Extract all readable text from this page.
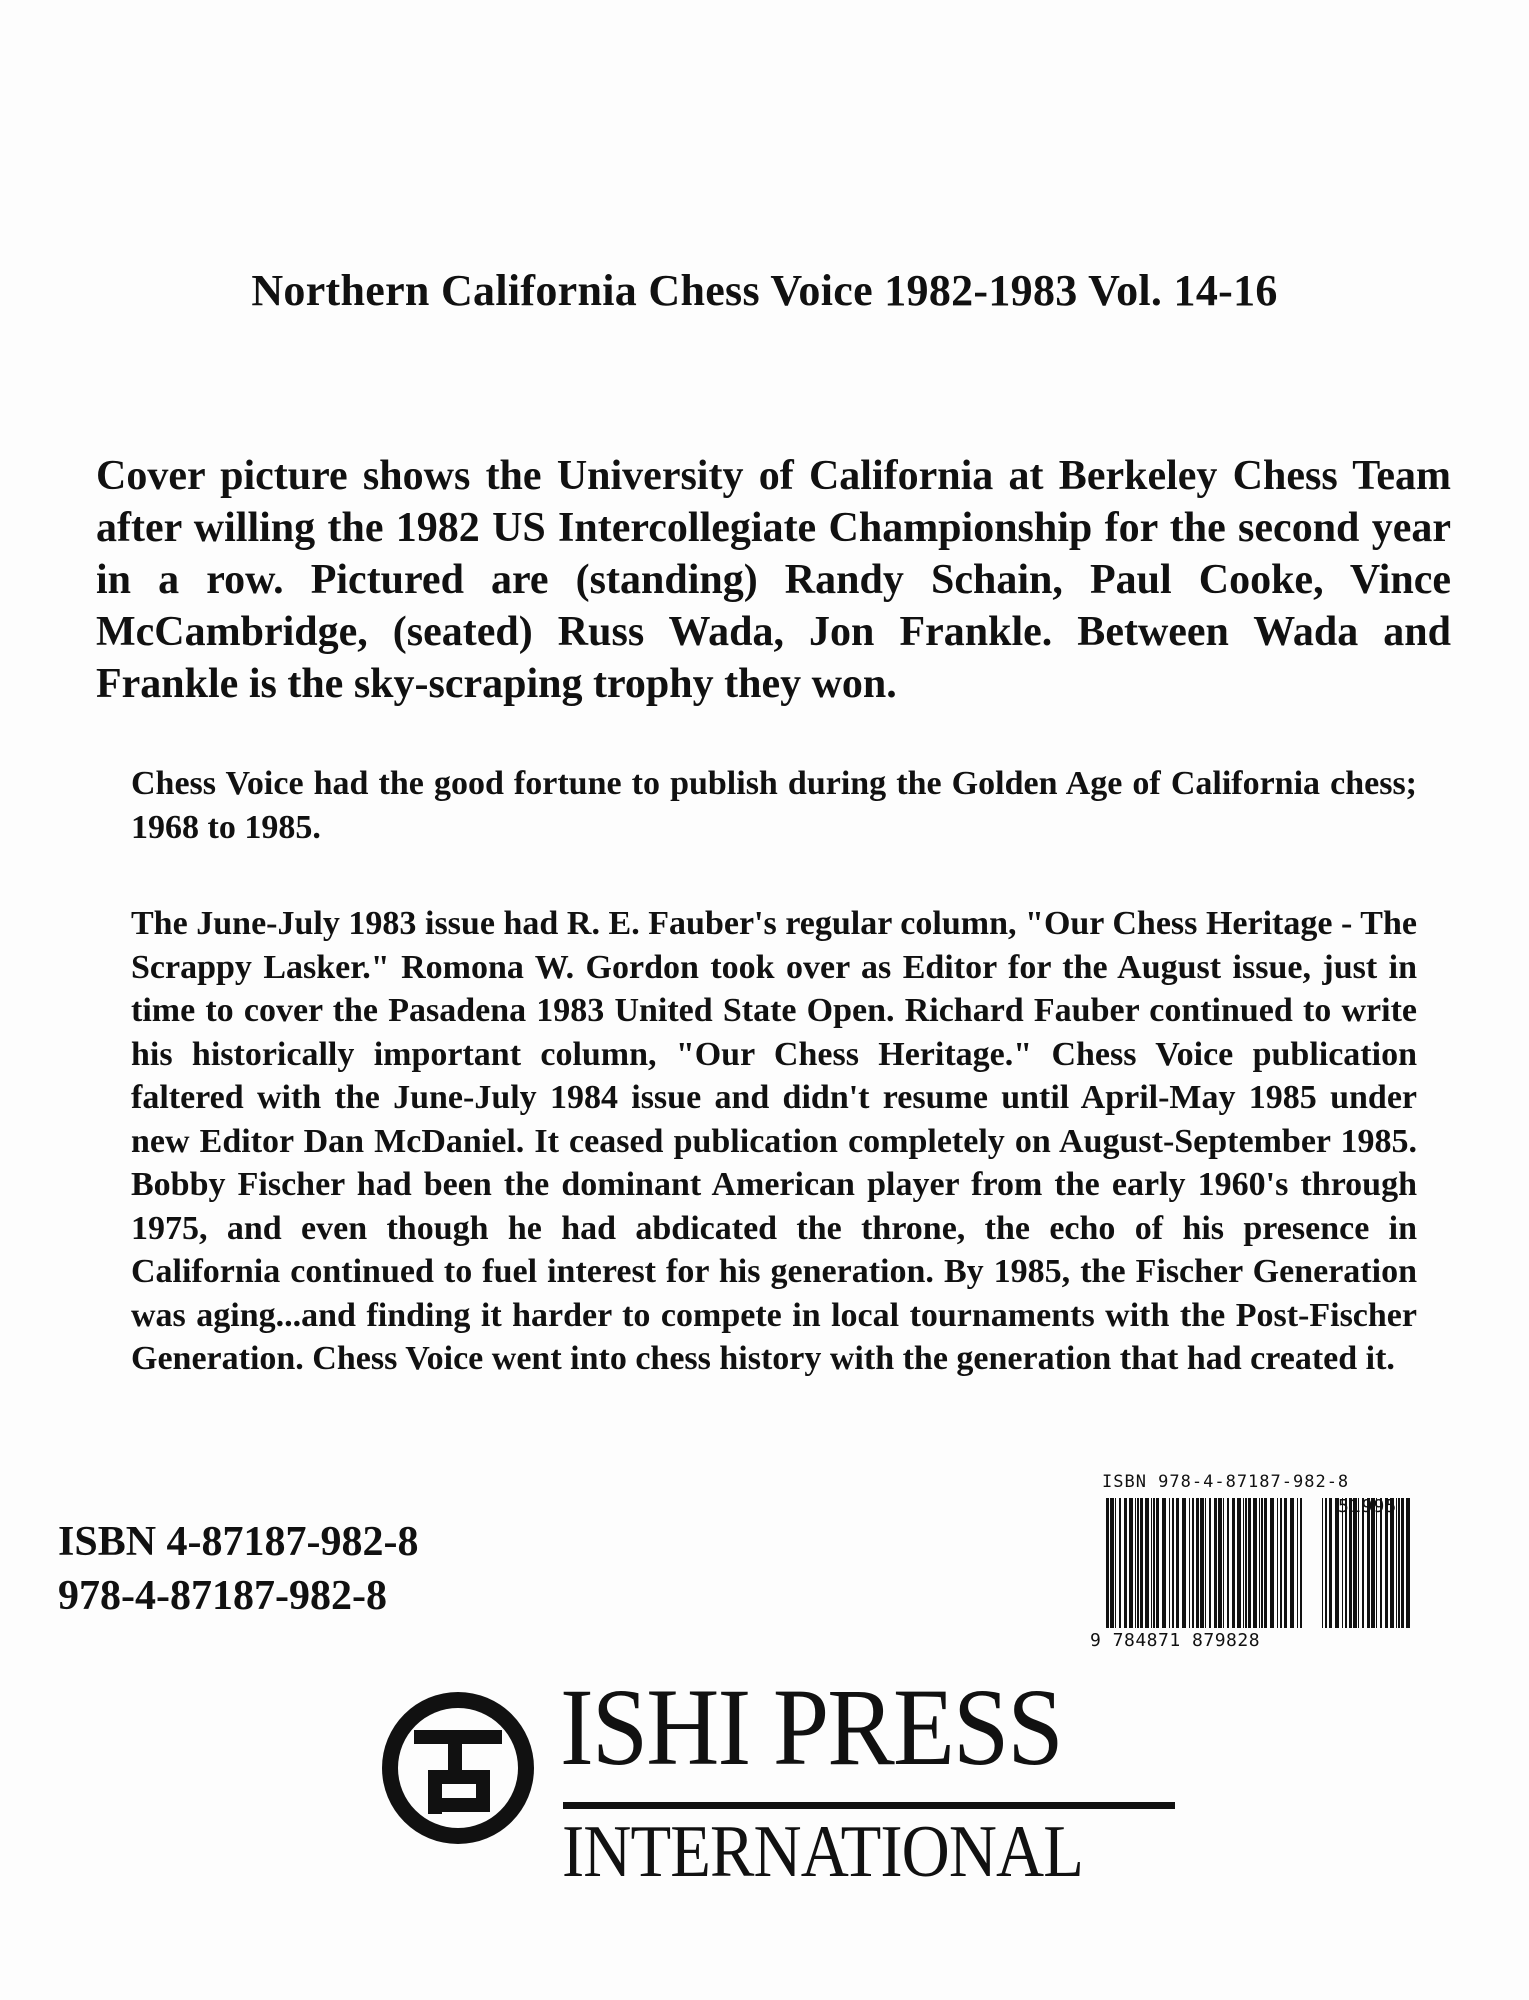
Northern California Chess Voice 1982-1983 Vol. 14-16
Cover picture shows the University of California at Berkeley Chess Team after willing the 1982 US Intercollegiate Championship for the second year in a row. Pictured are (standing) Randy Schain, Paul Cooke, Vince McCambridge, (seated) Russ Wada, Jon Frankle. Between Wada and Frankle is the sky-scraping trophy they won.
Chess Voice had the good fortune to publish during the Golden Age of California chess; 1968 to 1985.
The June-July 1983 issue had R. E. Fauber's regular column, "Our Chess Heritage - The Scrappy Lasker." Romona W. Gordon took over as Editor for the August issue, just in time to cover the Pasadena 1983 United State Open. Richard Fauber continued to write his historically important column, "Our Chess Heritage." Chess Voice publication faltered with the June-July 1984 issue and didn't resume until April-May 1985 under new Editor Dan McDaniel. It ceased publication completely on August-September 1985. Bobby Fischer had been the dominant American player from the early 1960's through 1975, and even though he had abdicated the throne, the echo of his presence in California continued to fuel interest for his generation. By 1985, the Fischer Generation was aging...and finding it harder to compete in local tournaments with the Post-Fischer Generation. Chess Voice went into chess history with the generation that had created it.
ISBN 4-87187-982-8
978-4-87187-982-8
ISBN 978-4-87187-982-8
51995
9 784871 879828
ISHI PRESS
INTERNATIONAL
